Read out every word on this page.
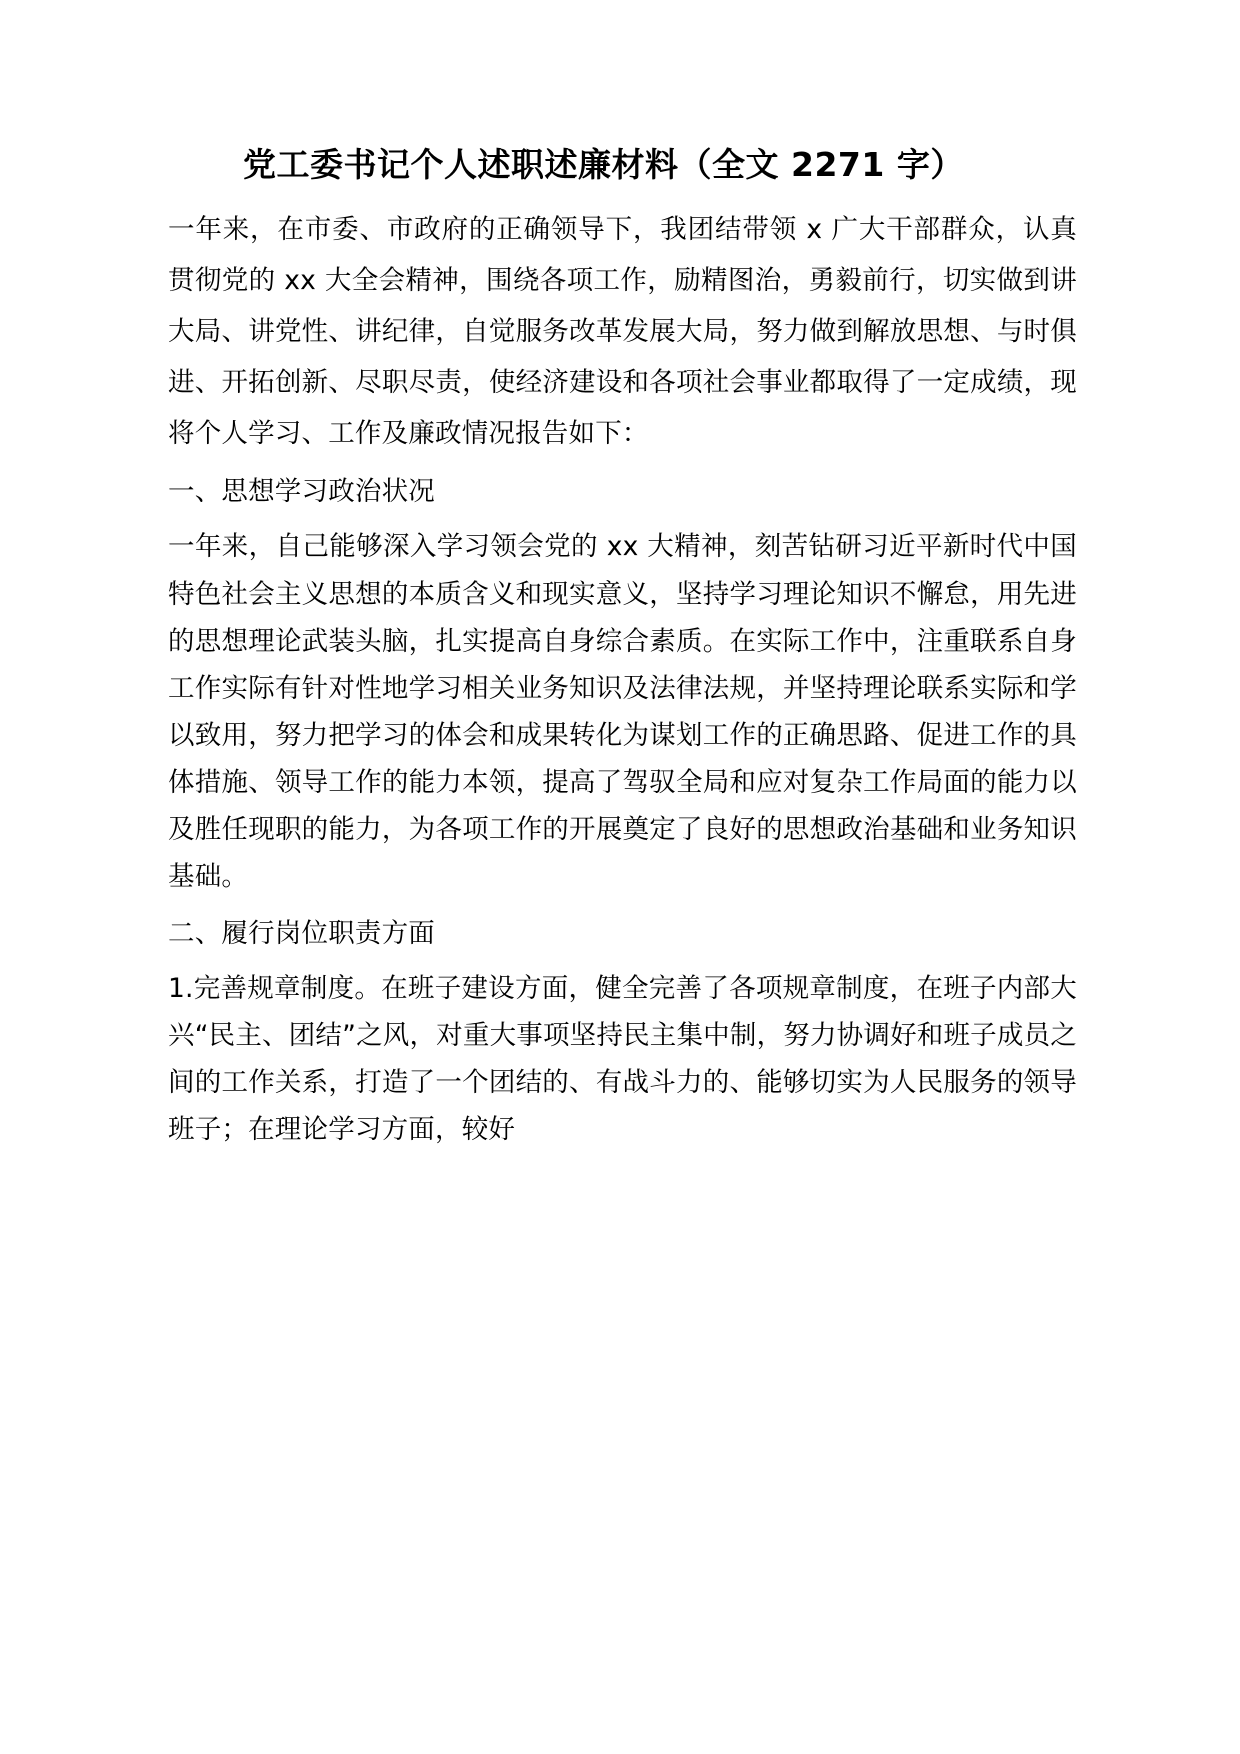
党工委书记个人述职述廉材料（全文 2271 字）

一年来，在市委、市政府的正确领导下，我团结带领 x 广大干部群众，认真贯彻党的 xx 大全会精神，围绕各项工作，励精图治，勇毅前行，切实做到讲大局、讲党性、讲纪律，自觉服务改革发展大局，努力做到解放思想、与时俱进、开拓创新、尽职尽责，使经济建设和各项社会事业都取得了一定成绩，现将个人学习、工作及廉政情况报告如下：

一、思想学习政治状况

一年来，自己能够深入学习领会党的 xx 大精神，刻苦钻研习近平新时代中国特色社会主义思想的本质含义和现实意义，坚持学习理论知识不懈怠，用先进的思想理论武装头脑，扎实提高自身综合素质。在实际工作中，注重联系自身工作实际有针对性地学习相关业务知识及法律法规，并坚持理论联系实际和学以致用，努力把学习的体会和成果转化为谋划工作的正确思路、促进工作的具体措施、领导工作的能力本领，提高了驾驭全局和应对复杂工作局面的能力以及胜任现职的能力，为各项工作的开展奠定了良好的思想政治基础和业务知识基础。

二、履行岗位职责方面

1.完善规章制度。在班子建设方面，健全完善了各项规章制度，在班子内部大兴“民主、团结”之风，对重大事项坚持民主集中制，努力协调好和班子成员之间的工作关系，打造了一个团结的、有战斗力的、能够切实为人民服务的领导班子；在理论学习方面，较好
